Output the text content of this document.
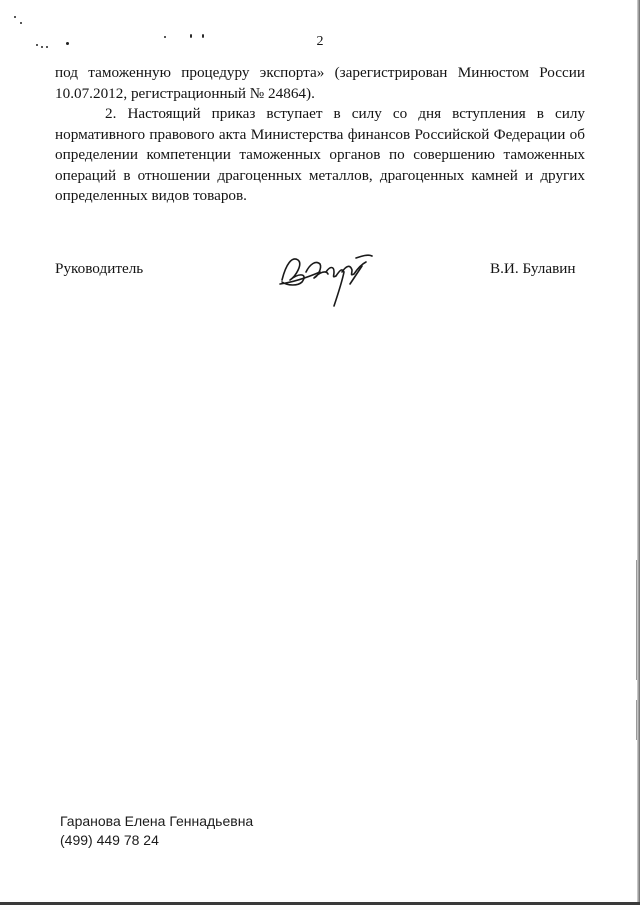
2
под таможенную процедуру экспорта» (зарегистрирован Минюстом России 10.07.2012, регистрационный № 24864).
2. Настоящий приказ вступает в силу со дня вступления в силу нормативного правового акта Министерства финансов Российской Федерации об определении компетенции таможенных органов по совершению таможенных операций в отношении драгоценных металлов, драгоценных камней и других определенных видов товаров.
Руководитель	В.И. Булавин
Гаранова Елена Геннадьевна
(499) 449 78 24
